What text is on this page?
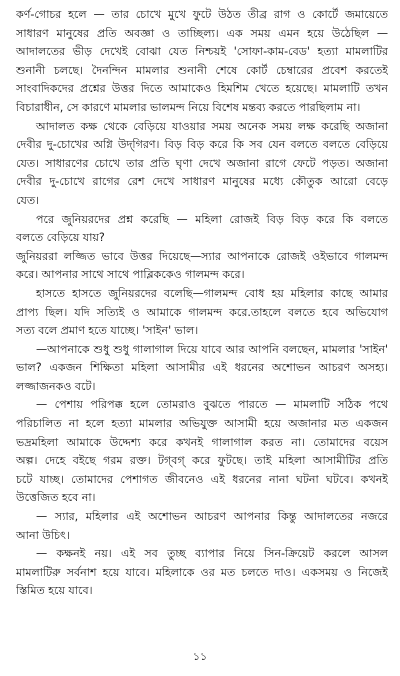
কর্ণ-গোচর হলে — তার চোখে মুখে ফুটে উঠত তীব্র রাগ ও কোর্টে জমায়েতে
সাধারণ মানুষের প্রতি অবজ্ঞা ও তাচ্ছিল্য। এক সময় এমন হয়ে উঠেছিল —
আদালতের ভীড় দেখেই বোঝা যেত নিশ্চয়ই 'সোফা-কাম-বেড' হত্যা মামলাটির
শুনানী চলছে। দৈনন্দিন মামলার শুনানী শেষে কোর্ট চেম্বারের প্রবেশ করতেই
সাংবাদিকদের প্রশ্নের উত্তর দিতে আমাকেও হিমশিম খেতে হয়েছে। মামলাটি তখন
বিচারাধীন, সে কারণে মামলার ভালমন্দ নিয়ে বিশেষ মন্তব্য করতে পারছিলাম না।
আদালত কক্ষ থেকে বেড়িয়ে যাওয়ার সময় অনেক সময় লক্ষ করেছি অজানা
দেবীর দু-চোখের অগ্নি উদ্‌গিরণ। বিড় বিড় করে কি সব যেন বলতে বলতে বেড়িয়ে
যেত। সাধারণের চোখে তার প্রতি ঘৃণা দেখে অজানা রাগে ফেটে পড়ত। অজানা
দেবীর দু-চোখে রাগের রেশ দেখে সাধারণ মানুষের মধ্যে কৌতুক আরো বেড়ে
যেত।
পরে জুনিয়রদের প্রশ্ন করেছি — মহিলা রোজই বিড় বিড় করে কি বলতে
বলতে বেড়িয়ে যায়?
জুনিয়ররা লজ্জিত ভাবে উত্তর দিয়েছে—স্যার আপনাকে রোজই ওইভাবে গালমন্দ
করে। আপনার সাথে সাথে পাব্লিককেও গালমন্দ করে।
হাসতে হাসতে জুনিয়রদের বলেছি—গালমন্দ বোধ হয় মহিলার কাছে আমার
প্রাপ্য ছিল। যদি সত্যিই ও আমাকে গালমন্দ করে.তাহলে বলতে হবে অভিযোগ
সত্য বলে প্রমাণ হতে যাচ্ছে। 'সাইন' ভাল।
—আপনাকে শুধু শুধু গালাগাল দিয়ে যাবে আর আপনি বলছেন, মামলার 'সাইন'
ভাল? একজন শিক্ষিতা মহিলা আসামীর এই ধরনের অশোভন আচরণ অসহ্য।
লজ্জাজনকও বটে।
— পেশায় পরিপক্ক হলে তোমরাও বুঝতে পারতে — মামলাটি সঠিক পথে
পরিচালিত না হলে হত্যা মামলার অভিযুক্ত আসামী হয়ে অজানার মত একজন
ভদ্রমহিলা আমাকে উদ্দেশ্য করে কখনই গালাগাল করত না। তোমাদের বয়েস
অল্প। দেহে বইছে গরম রক্ত। টগ্‌বগ্‌ করে ফুটছে। তাই মহিলা আসামীটির প্রতি
চটে যাচ্ছ। তোমাদের পেশাগত জীবনেও এই ধরনের নানা ঘটনা ঘটবে। কখনই
উত্তেজিত হবে না।
— স্যার, মহিলার এই অশোভন আচরণ আপনার কিন্তু আদালতের নজরে
আনা উচিৎ।
— কক্ষনই নয়। এই সব তুচ্ছ ব্যাপার নিয়ে সিন-ক্রিয়েট করলে আসল
মামলাটিরু সর্বনাশ হয়ে যাবে। মহিলাকে ওর মত চলতে দাও। একসময় ও নিজেই
স্তিমিত হয়ে যাবে।
১১
